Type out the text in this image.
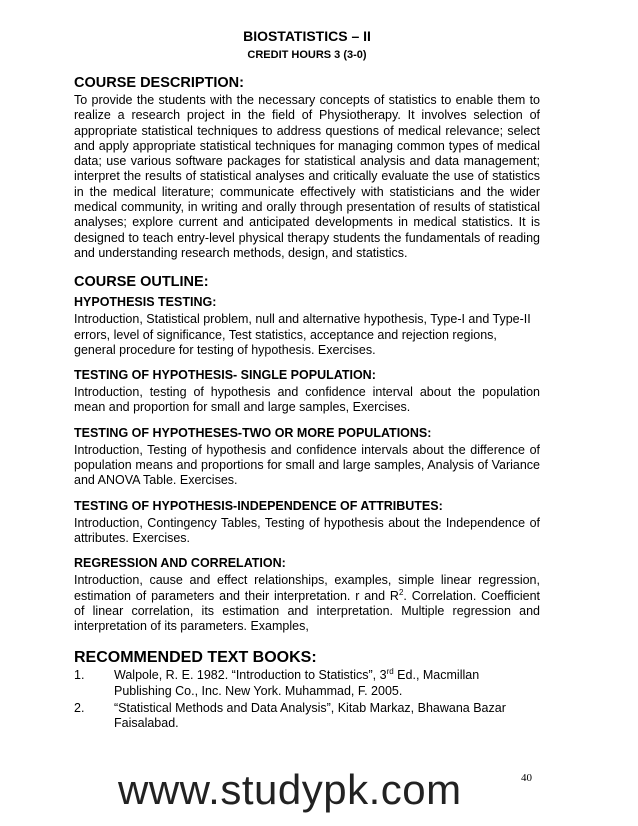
BIOSTATISTICS – II

CREDIT HOURS 3 (3-0)

COURSE DESCRIPTION:

To provide the students with the necessary concepts of statistics to enable them to realize a research project in the field of Physiotherapy. It involves selection of appropriate statistical techniques to address questions of medical relevance; select and apply appropriate statistical techniques for managing common types of medical data; use various software packages for statistical analysis and data management; interpret the results of statistical analyses and critically evaluate the use of statistics in the medical literature; communicate effectively with statisticians and the wider medical community, in writing and orally through presentation of results of statistical analyses; explore current and anticipated developments in medical statistics. It is designed to teach entry-level physical therapy students the fundamentals of reading and understanding research methods, design, and statistics.

COURSE OUTLINE:
HYPOTHESIS TESTING:

Introduction, Statistical problem, null and alternative hypothesis, Type-I and Type-II errors, level of significance, Test statistics, acceptance and rejection regions, general procedure for testing of hypothesis. Exercises.

TESTING OF HYPOTHESIS- SINGLE POPULATION:

Introduction, testing of hypothesis and confidence interval about the population mean and proportion for small and large samples, Exercises.

TESTING OF HYPOTHESES-TWO OR MORE POPULATIONS:

Introduction, Testing of hypothesis and confidence intervals about the difference of population means and proportions for small and large samples, Analysis of Variance and ANOVA Table. Exercises.

TESTING OF HYPOTHESIS-INDEPENDENCE OF ATTRIBUTES:

Introduction, Contingency Tables, Testing of hypothesis about the Independence of attributes. Exercises.

REGRESSION AND CORRELATION:

Introduction, cause and effect relationships, examples, simple linear regression, estimation of parameters and their interpretation. r and $R^2$. Correlation. Coefficient of linear correlation, its estimation and interpretation. Multiple regression and interpretation of its parameters. Examples,

RECOMMENDED TEXT BOOKS:
1. Walpole, R. E. 1982. “Introduction to Statistics”, 3rd Ed., Macmillan Publishing Co., Inc. New York. Muhammad, F. 2005.
2. “Statistical Methods and Data Analysis”, Kitab Markaz, Bhawana Bazar Faisalabad.
www.studypk.com	40
